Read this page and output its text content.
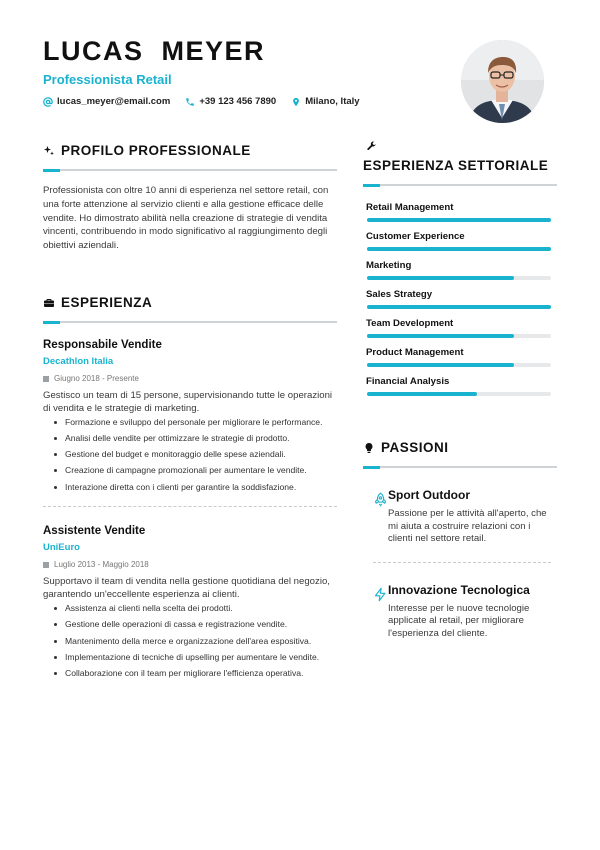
LUCAS  MEYER
Professionista Retail
lucas_meyer@email.com	+39 123 456 7890	Milano, Italy
PROFILO PROFESSIONALE
Professionista con oltre 10 anni di esperienza nel settore retail, con una forte attenzione al servizio clienti e alla gestione efficace delle vendite. Ho dimostrato abilità nella creazione di strategie di vendita vincenti, contribuendo in modo significativo al raggiungimento degli obiettivi aziendali.
ESPERIENZA
Responsabile Vendite
Decathlon Italia
Giugno 2018 - Presente
Gestisco un team di 15 persone, supervisionando tutte le operazioni di vendita e le strategie di marketing.
Formazione e sviluppo del personale per migliorare le performance.
Analisi delle vendite per ottimizzare le strategie di prodotto.
Gestione del budget e monitoraggio delle spese aziendali.
Creazione di campagne promozionali per aumentare le vendite.
Interazione diretta con i clienti per garantire la soddisfazione.
Assistente Vendite
UniEuro
Luglio 2013 - Maggio 2018
Supportavo il team di vendita nella gestione quotidiana del negozio, garantendo un'eccellente esperienza ai clienti.
Assistenza ai clienti nella scelta dei prodotti.
Gestione delle operazioni di cassa e registrazione vendite.
Mantenimento della merce e organizzazione dell'area espositiva.
Implementazione di tecniche di upselling per aumentare le vendite.
Collaborazione con il team per migliorare l'efficienza operativa.
ESPERIENZA SETTORIALE
Retail Management
Customer Experience
Marketing
Sales Strategy
Team Development
Product Management
Financial Analysis
PASSIONI
Sport Outdoor
Passione per le attività all'aperto, che mi aiuta a costruire relazioni con i clienti nel settore retail.
Innovazione Tecnologica
Interesse per le nuove tecnologie applicate al retail, per migliorare l'esperienza del cliente.
